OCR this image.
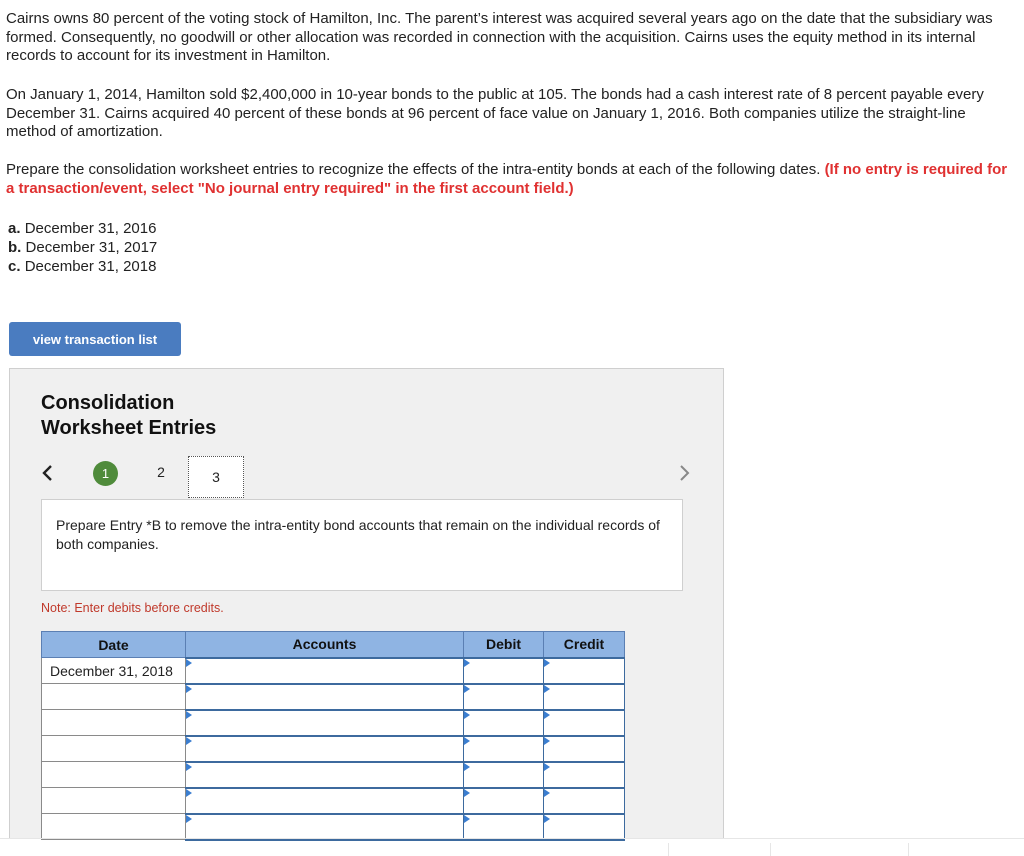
Cairns owns 80 percent of the voting stock of Hamilton, Inc. The parent’s interest was acquired several years ago on the date that the subsidiary was formed. Consequently, no goodwill or other allocation was recorded in connection with the acquisition. Cairns uses the equity method in its internal records to account for its investment in Hamilton.

On January 1, 2014, Hamilton sold $2,400,000 in 10-year bonds to the public at 105. The bonds had a cash interest rate of 8 percent payable every December 31. Cairns acquired 40 percent of these bonds at 96 percent of face value on January 1, 2016. Both companies utilize the straight-line method of amortization.

Prepare the consolidation worksheet entries to recognize the effects of the intra-entity bonds at each of the following dates. (If no entry is required for a transaction/event, select "No journal entry required" in the first account field.)

a. December 31, 2016
b. December 31, 2017
c. December 31, 2018
view transaction list
Consolidation
Worksheet Entries
1	2	3
Prepare Entry *B to remove the intra-entity bond accounts that remain on the individual records of both companies.
Note: Enter debits before credits.
Date	Accounts	Debit	Credit
December 31, 2018			
